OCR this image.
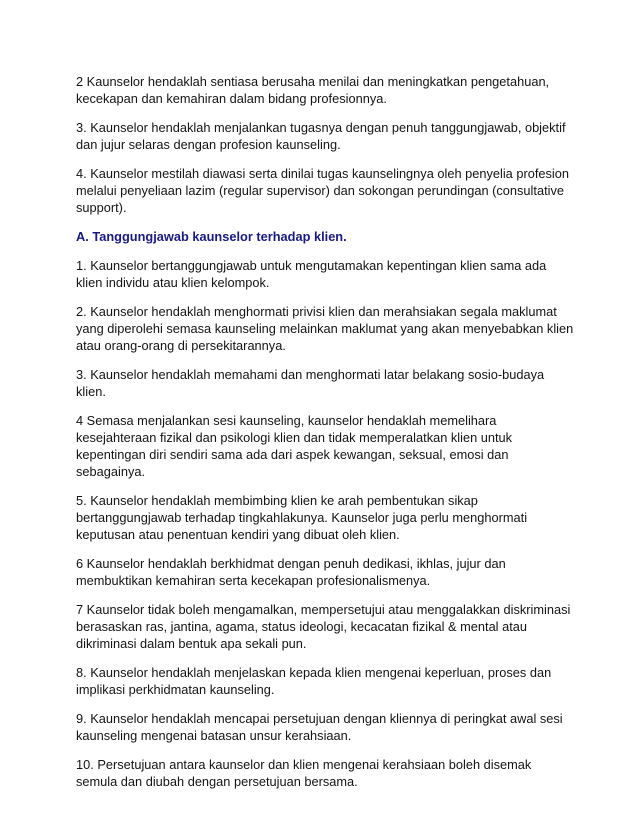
2 Kaunselor hendaklah sentiasa berusaha menilai dan meningkatkan pengetahuan,
kecekapan dan kemahiran dalam bidang profesionnya.
3. Kaunselor hendaklah menjalankan tugasnya dengan penuh tanggungjawab, objektif
dan jujur selaras dengan profesion kaunseling.
4. Kaunselor mestilah diawasi serta dinilai tugas kaunselingnya oleh penyelia profesion
melalui penyeliaan lazim (regular supervisor) dan sokongan perundingan (consultative
support).
A. Tanggungjawab kaunselor terhadap klien.
1. Kaunselor bertanggungjawab untuk mengutamakan kepentingan klien sama ada
klien individu atau klien kelompok.
2. Kaunselor hendaklah menghormati privisi klien dan merahsiakan segala maklumat
yang diperolehi semasa kaunseling melainkan maklumat yang akan menyebabkan klien
atau orang-orang di persekitarannya.
3. Kaunselor hendaklah memahami dan menghormati latar belakang sosio-budaya
klien.
4 Semasa menjalankan sesi kaunseling, kaunselor hendaklah memelihara
kesejahteraan fizikal dan psikologi klien dan tidak memperalatkan klien untuk
kepentingan diri sendiri sama ada dari aspek kewangan, seksual, emosi dan
sebagainya.
5. Kaunselor hendaklah membimbing klien ke arah pembentukan sikap
bertanggungjawab terhadap tingkahlakunya. Kaunselor juga perlu menghormati
keputusan atau penentuan kendiri yang dibuat oleh klien.
6 Kaunselor hendaklah berkhidmat dengan penuh dedikasi, ikhlas, jujur dan
membuktikan kemahiran serta kecekapan profesionalismenya.
7 Kaunselor tidak boleh mengamalkan, mempersetujui atau menggalakkan diskriminasi
berasaskan ras, jantina, agama, status ideologi, kecacatan fizikal & mental atau
dikriminasi dalam bentuk apa sekali pun.
8. Kaunselor hendaklah menjelaskan kepada klien mengenai keperluan, proses dan
implikasi perkhidmatan kaunseling.
9. Kaunselor hendaklah mencapai persetujuan dengan kliennya di peringkat awal sesi
kaunseling mengenai batasan unsur kerahsiaan.
10. Persetujuan antara kaunselor dan klien mengenai kerahsiaan boleh disemak
semula dan diubah dengan persetujuan bersama.
